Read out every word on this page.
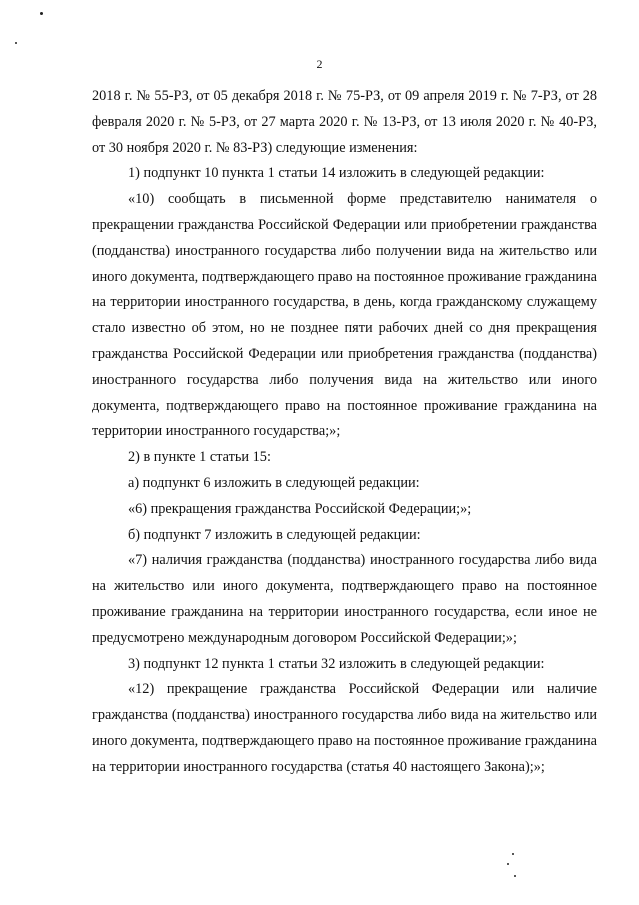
2

2018 г. № 55-РЗ, от 05 декабря 2018 г. № 75-РЗ, от 09 апреля 2019 г. № 7-РЗ, от 28 февраля 2020 г. № 5-РЗ, от 27 марта 2020 г. № 13-РЗ, от 13 июля 2020 г. № 40-РЗ, от 30 ноября 2020 г. № 83-РЗ) следующие изменения:

1) подпункт 10 пункта 1 статьи 14 изложить в следующей редакции:

«10) сообщать в письменной форме представителю нанимателя о прекращении гражданства Российской Федерации или приобретении гражданства (подданства) иностранного государства либо получении вида на жительство или иного документа, подтверждающего право на постоянное проживание гражданина на территории иностранного государства, в день, когда гражданскому служащему стало известно об этом, но не позднее пяти рабочих дней со дня прекращения гражданства Российской Федерации или приобретения гражданства (подданства) иностранного государства либо получения вида на жительство или иного документа, подтверждающего право на постоянное проживание гражданина на территории иностранного государства;»;

2) в пункте 1 статьи 15:

а) подпункт 6 изложить в следующей редакции:

«6) прекращения гражданства Российской Федерации;»;

б) подпункт 7 изложить в следующей редакции:

«7) наличия гражданства (подданства) иностранного государства либо вида на жительство или иного документа, подтверждающего право на постоянное проживание гражданина на территории иностранного государства, если иное не предусмотрено международным договором Российской Федерации;»;

3) подпункт 12 пункта 1 статьи 32 изложить в следующей редакции:

«12) прекращение гражданства Российской Федерации или наличие гражданства (подданства) иностранного государства либо вида на жительство или иного документа, подтверждающего право на постоянное проживание гражданина на территории иностранного государства (статья 40 настоящего Закона);»;
